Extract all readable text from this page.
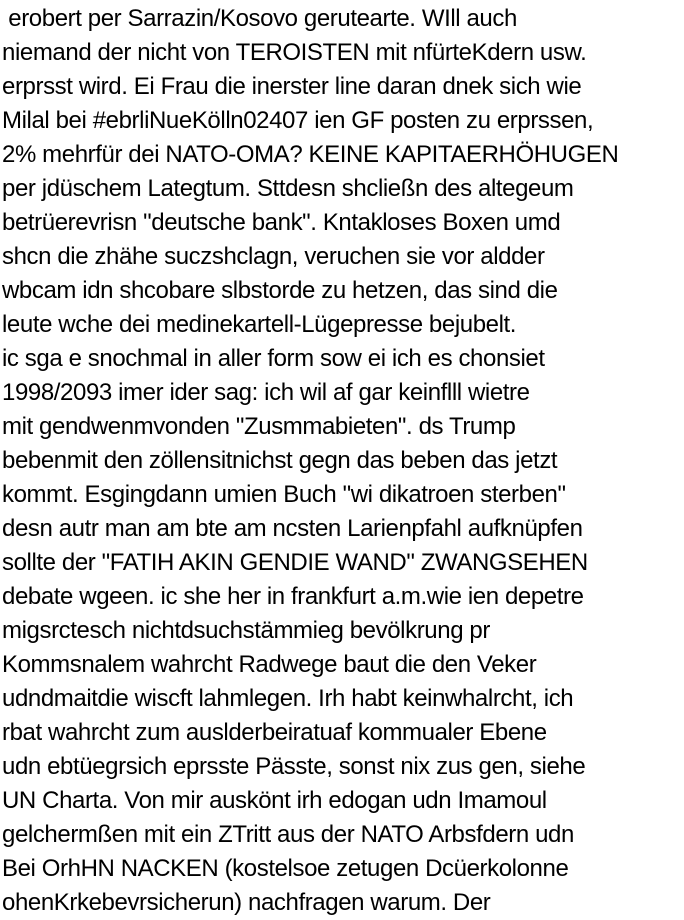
erobert per Sarrazin/Kosovo gerutearte. WIll auch
niemand der nicht von TEROISTEN mit nfürteKdern usw.
erprsst wird. Ei Frau die inerster line daran dnek sich wie
Milal bei #ebrliNueKölln02407 ien GF posten zu erprssen,
2% mehrfür dei NATO-OMA? KEINE KAPITAERHÖHUGEN
per jdüschem Lategtum. Sttdesn shcließn des altegeum
betrüerevrisn "deutsche bank". Kntakloses Boxen umd
shcn die zhähe suczshclagn, veruchen sie vor aldder
wbcam idn shcobare slbstorde zu hetzen, das sind die
leute wche dei medinekartell-Lügepresse bejubelt.
ic sga e snochmal in aller form sow ei ich es chonsiet
1998/2093 imer ider sag: ich wil af gar keinflll wietre
mit gendwenmvonden "Zusmmabieten". ds Trump
bebenmit den zöllensitnichst gegn das beben das jetzt
kommt. Esgingdann umien Buch "wi dikatroen sterben"
desn autr man am bte am ncsten Larienpfahl aufknüpfen
sollte der "FATIH AKIN GENDIE WAND" ZWANGSEHEN
debate wgeen. ic she her in frankfurt a.m.wie ien depetre
migsrctesch nichtdsuchstämmieg bevölkrung pr
Kommsnalem wahrcht Radwege baut die den Veker
udndmaitdie wiscft lahmlegen. Irh habt keinwhalrcht, ich
rbat wahrcht zum auslderbeiratuaf kommualer Ebene
udn ebtüegrsich eprsste Pässte, sonst nix zus gen, siehe
UN Charta. Von mir auskönt irh edogan udn Imamoul
gelchermßen mit ein ZTritt aus der NATO Arbsfdern udn
Bei OrhHN NACKEN (kostelsoe zetugen Dcüerkolonne
ohenKrkebevrsicherun) nachfragen warum. Der
